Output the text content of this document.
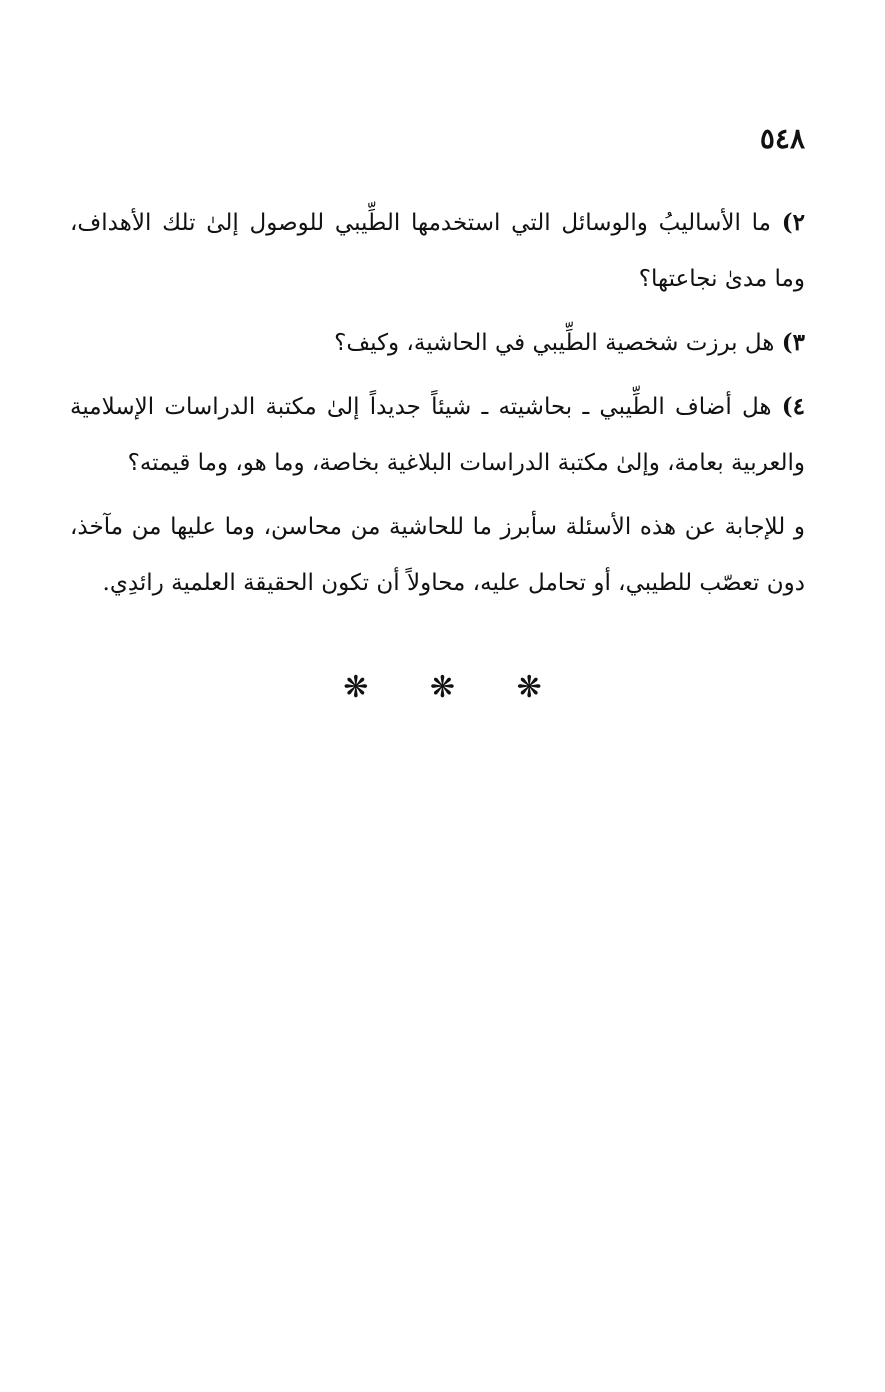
٥٤٨

٢) ما الأساليبُ والوسائل التي استخدمها الطِّيبي للوصول إلىٰ تلك الأهداف، وما مدىٰ نجاعتها؟

٣) هل برزت شخصية الطِّيبي في الحاشية، وكيف؟

٤) هل أضاف الطِّيبي ـ بحاشيته ـ شيئاً جديداً إلىٰ مكتبة الدراسات الإسلامية والعربية بعامة، وإلىٰ مكتبة الدراسات البلاغية بخاصة، وما هو، وما قيمته؟

و للإجابة عن هذه الأسئلة سأبرز ما للحاشية من محاسن، وما عليها من مآخذ، دون تعصّب للطيبي، أو تحامل عليه، محاولاً أن تكون الحقيقة العلمية رائدِي.

❋ ❋ ❋
